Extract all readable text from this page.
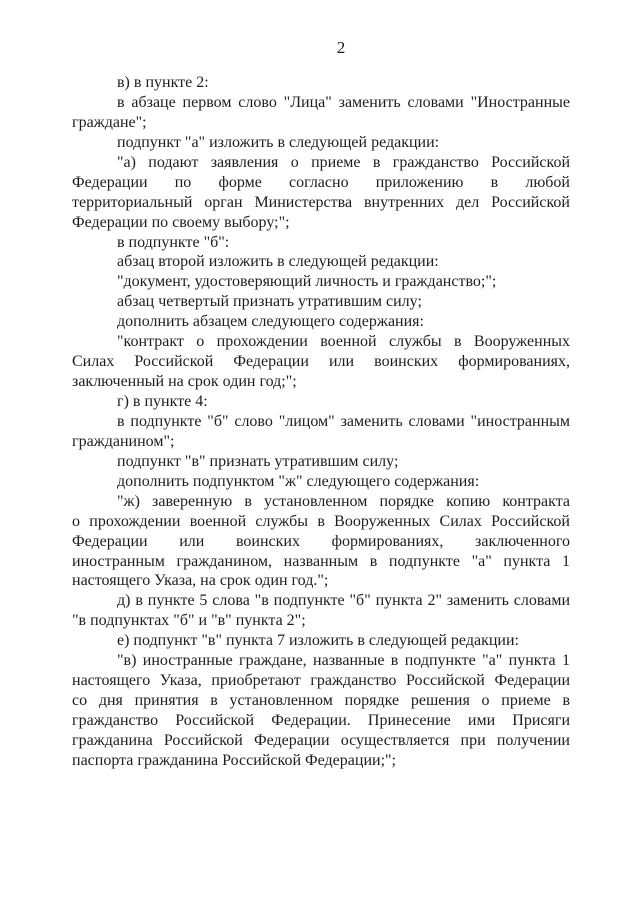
2
в) в пункте 2:
в абзаце первом слово "Лица" заменить словами "Иностранные
граждане";
подпункт "а" изложить в следующей редакции:
"а) подают заявления о приеме в гражданство Российской
Федерации по форме согласно приложению в любой
территориальный орган Министерства внутренних дел Российской
Федерации по своему выбору;";
в подпункте "б":
абзац второй изложить в следующей редакции:
"документ, удостоверяющий личность и гражданство;";
абзац четвертый признать утратившим силу;
дополнить абзацем следующего содержания:
"контракт о прохождении военной службы в Вооруженных
Силах Российской Федерации или воинских формированиях,
заключенный на срок один год;";
г) в пункте 4:
в подпункте "б" слово "лицом" заменить словами "иностранным
гражданином";
подпункт "в" признать утратившим силу;
дополнить подпунктом "ж" следующего содержания:
"ж) заверенную в установленном порядке копию контракта
о прохождении военной службы в Вооруженных Силах Российской
Федерации или воинских формированиях, заключенного
иностранным гражданином, названным в подпункте "а" пункта 1
настоящего Указа, на срок один год.";
д) в пункте 5 слова "в подпункте "б" пункта 2" заменить словами
"в подпунктах "б" и "в" пункта 2";
е) подпункт "в" пункта 7 изложить в следующей редакции:
"в) иностранные граждане, названные в подпункте "а" пункта 1
настоящего Указа, приобретают гражданство Российской Федерации
со дня принятия в установленном порядке решения о приеме в
гражданство Российской Федерации. Принесение ими Присяги
гражданина Российской Федерации осуществляется при получении
паспорта гражданина Российской Федерации;";
